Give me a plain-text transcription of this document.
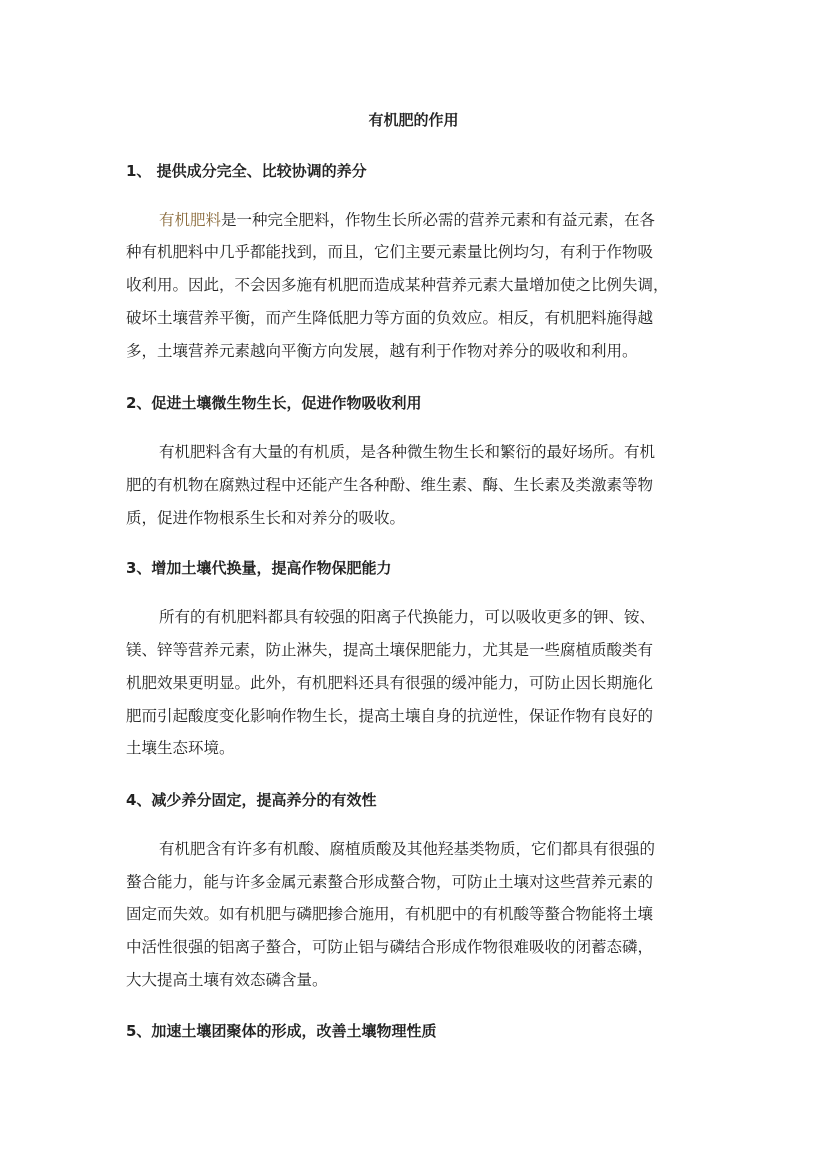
有机肥的作用
1、 提供成分完全、比较协调的养分
有机肥料是一种完全肥料，作物生长所必需的营养元素和有益元素，在各
种有机肥料中几乎都能找到，而且，它们主要元素量比例均匀，有利于作物吸
收利用。因此，不会因多施有机肥而造成某种营养元素大量增加使之比例失调，
破坏土壤营养平衡，而产生降低肥力等方面的负效应。相反，有机肥料施得越
多，土壤营养元素越向平衡方向发展，越有利于作物对养分的吸收和利用。
2、促进土壤微生物生长，促进作物吸收利用
有机肥料含有大量的有机质，是各种微生物生长和繁衍的最好场所。有机
肥的有机物在腐熟过程中还能产生各种酚、维生素、酶、生长素及类激素等物
质，促进作物根系生长和对养分的吸收。
3、增加土壤代换量，提高作物保肥能力
所有的有机肥料都具有较强的阳离子代换能力，可以吸收更多的钾、铵、
镁、锌等营养元素，防止淋失，提高土壤保肥能力，尤其是一些腐植质酸类有
机肥效果更明显。此外，有机肥料还具有很强的缓冲能力，可防止因长期施化
肥而引起酸度变化影响作物生长，提高土壤自身的抗逆性，保证作物有良好的
土壤生态环境。
4、减少养分固定，提高养分的有效性
有机肥含有许多有机酸、腐植质酸及其他羟基类物质，它们都具有很强的
螯合能力，能与许多金属元素螯合形成螯合物，可防止土壤对这些营养元素的
固定而失效。如有机肥与磷肥掺合施用，有机肥中的有机酸等螯合物能将土壤
中活性很强的铝离子螯合，可防止铝与磷结合形成作物很难吸收的闭蓄态磷，
大大提高土壤有效态磷含量。
5、加速土壤团聚体的形成，改善土壤物理性质
